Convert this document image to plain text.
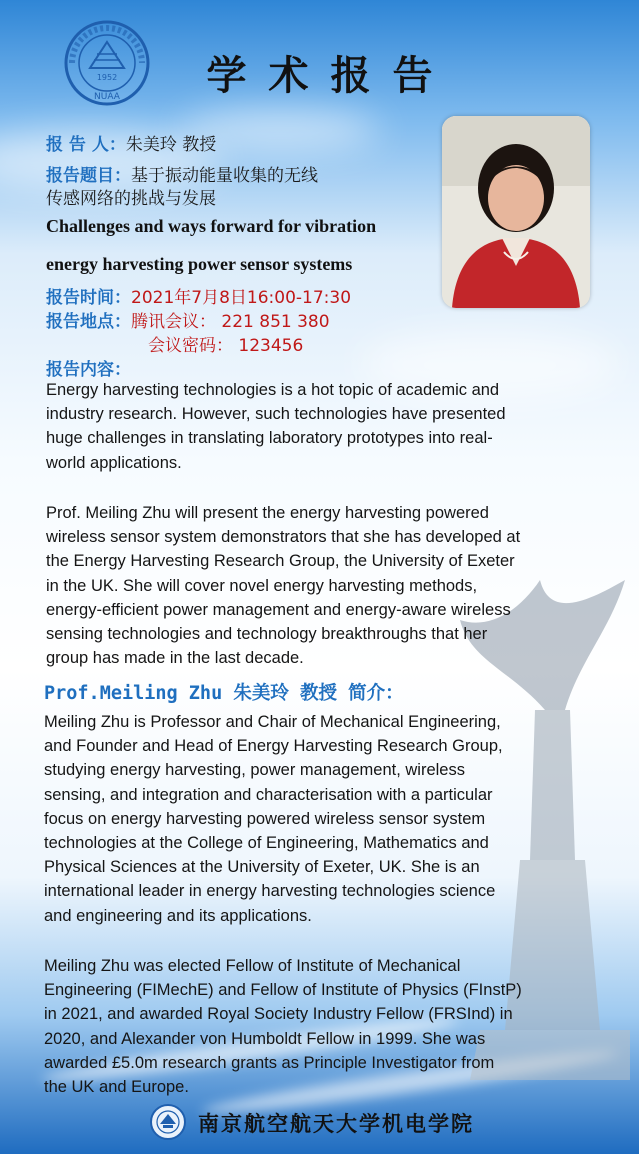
1952
NUAA	学术报告
报 告 人：朱美玲 教授
报告题目：基于振动能量收集的无线
传感网络的挑战与发展
Challenges and ways forward for vibration
energy harvesting power sensor systems
报告时间：2021年7月8日16:00-17:30
报告地点：腾讯会议： 221 851 380
会议密码： 123456
报告内容：
Energy harvesting technologies is a hot topic of academic and
industry research. However, such technologies have presented
huge challenges in translating laboratory prototypes into real-
world applications.
Prof. Meiling Zhu will present the energy harvesting powered
wireless sensor system demonstrators that she has developed at
the Energy Harvesting Research Group, the University of Exeter
in the UK. She will cover novel energy harvesting methods,
energy-efficient power management and energy-aware wireless
sensing technologies and technology breakthroughs that her
group has made in the last decade.
Prof.Meiling Zhu 朱美玲 教授 简介：
Meiling Zhu is Professor and Chair of Mechanical Engineering,
and Founder and Head of Energy Harvesting Research Group,
studying energy harvesting, power management, wireless
sensing, and integration and characterisation with a particular
focus on energy harvesting powered wireless sensor system
technologies at the College of Engineering, Mathematics and
Physical Sciences at the University of Exeter, UK. She is an
international leader in energy harvesting technologies science
and engineering and its applications.
Meiling Zhu was elected Fellow of Institute of Mechanical
Engineering (FIMechE) and Fellow of Institute of Physics (FInstP)
in 2021, and awarded Royal Society Industry Fellow (FRSInd) in
2020, and Alexander von Humboldt Fellow in 1999. She was
awarded £5.0m research grants as Principle Investigator from
the UK and Europe.
南京航空航天大学机电学院
